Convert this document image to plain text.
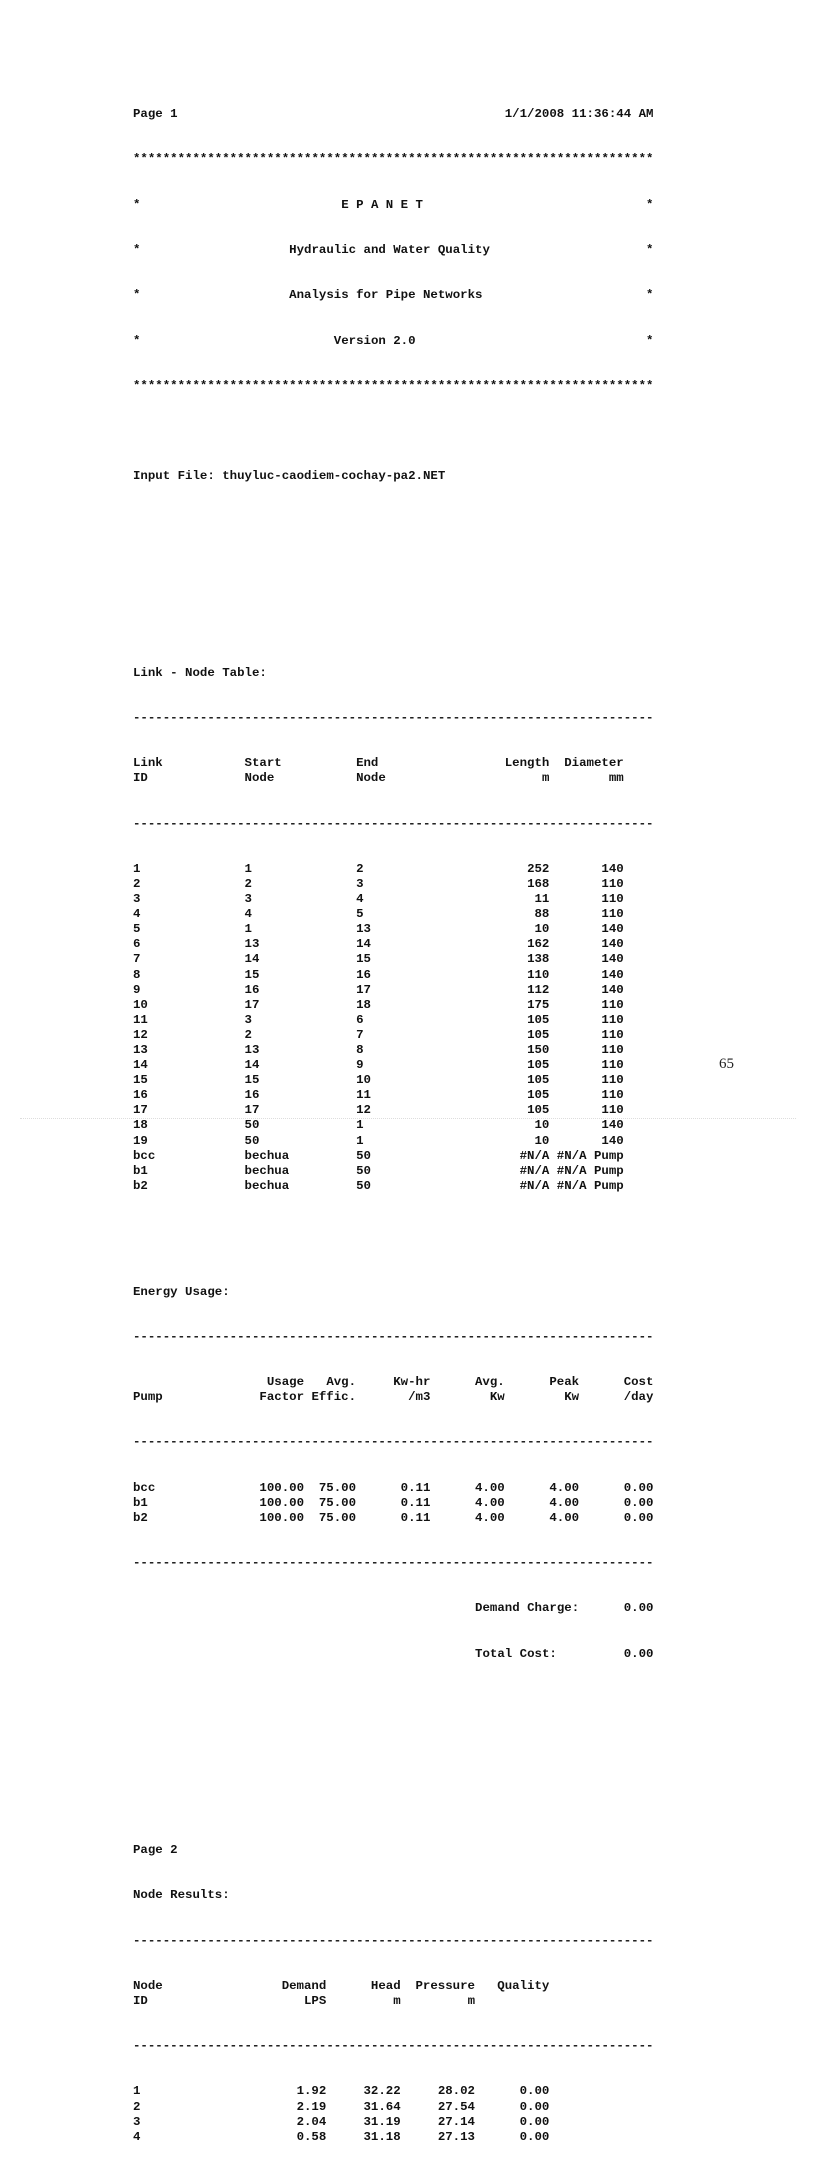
Page 1	1/1/2008 11:36:44 AM

**********************************************************************

*                           E P A N E T                              *

*                    Hydraulic and Water Quality                     *

*                    Analysis for Pipe Networks                      *

*                          Version 2.0                               *

**********************************************************************

Input File: thuyluc-caodiem-cochay-pa2.NET

Link - Node Table:

----------------------------------------------------------------------

Link	Start	End	Length Diameter
ID	Node	Node	m	mm

----------------------------------------------------------------------

1	1	2	252	140
2	2	3	168	110
3	3	4	11	110
4	4	5	88	110
5	1	13	10	140
6	13	14	162	140
7	14	15	138	140
8	15	16	110	140
9	16	17	112	140
10	17	18	175	110
11	3	6	105	110
12	2	7	105	110
13	13	8	150	110
14	14	9	105	110
15	15	10	105	110
16	16	11	105	110
17	17	12	105	110
18	50	1	10	140
19	50	1	10	140
bcc	bechua	50	#N/A #N/A Pump
b1	bechua	50	#N/A #N/A Pump
b2	bechua	50	#N/A #N/A Pump

Energy Usage:

----------------------------------------------------------------------

Usage Avg.	Kw-hr	Avg.	Peak	Cost
Pump	Factor Effic.	/m3	Kw	Kw	/day

----------------------------------------------------------------------

bcc	100.00 75.00	0.11	4.00	4.00	0.00
b1	100.00 75.00	0.11	4.00	4.00	0.00
b2	100.00 75.00	0.11	4.00	4.00	0.00

----------------------------------------------------------------------

Demand Charge:	0.00

Total Cost:	0.00

Page 2

Node Results:

----------------------------------------------------------------------

Node	Demand	Head Pressure Quality
ID	LPS	m	m

----------------------------------------------------------------------

1	1.92	32.22	28.02	0.00
2	2.19	31.64	27.54	0.00
3	2.04	31.19	27.14	0.00
4	0.58	31.18	27.13	0.00

65
